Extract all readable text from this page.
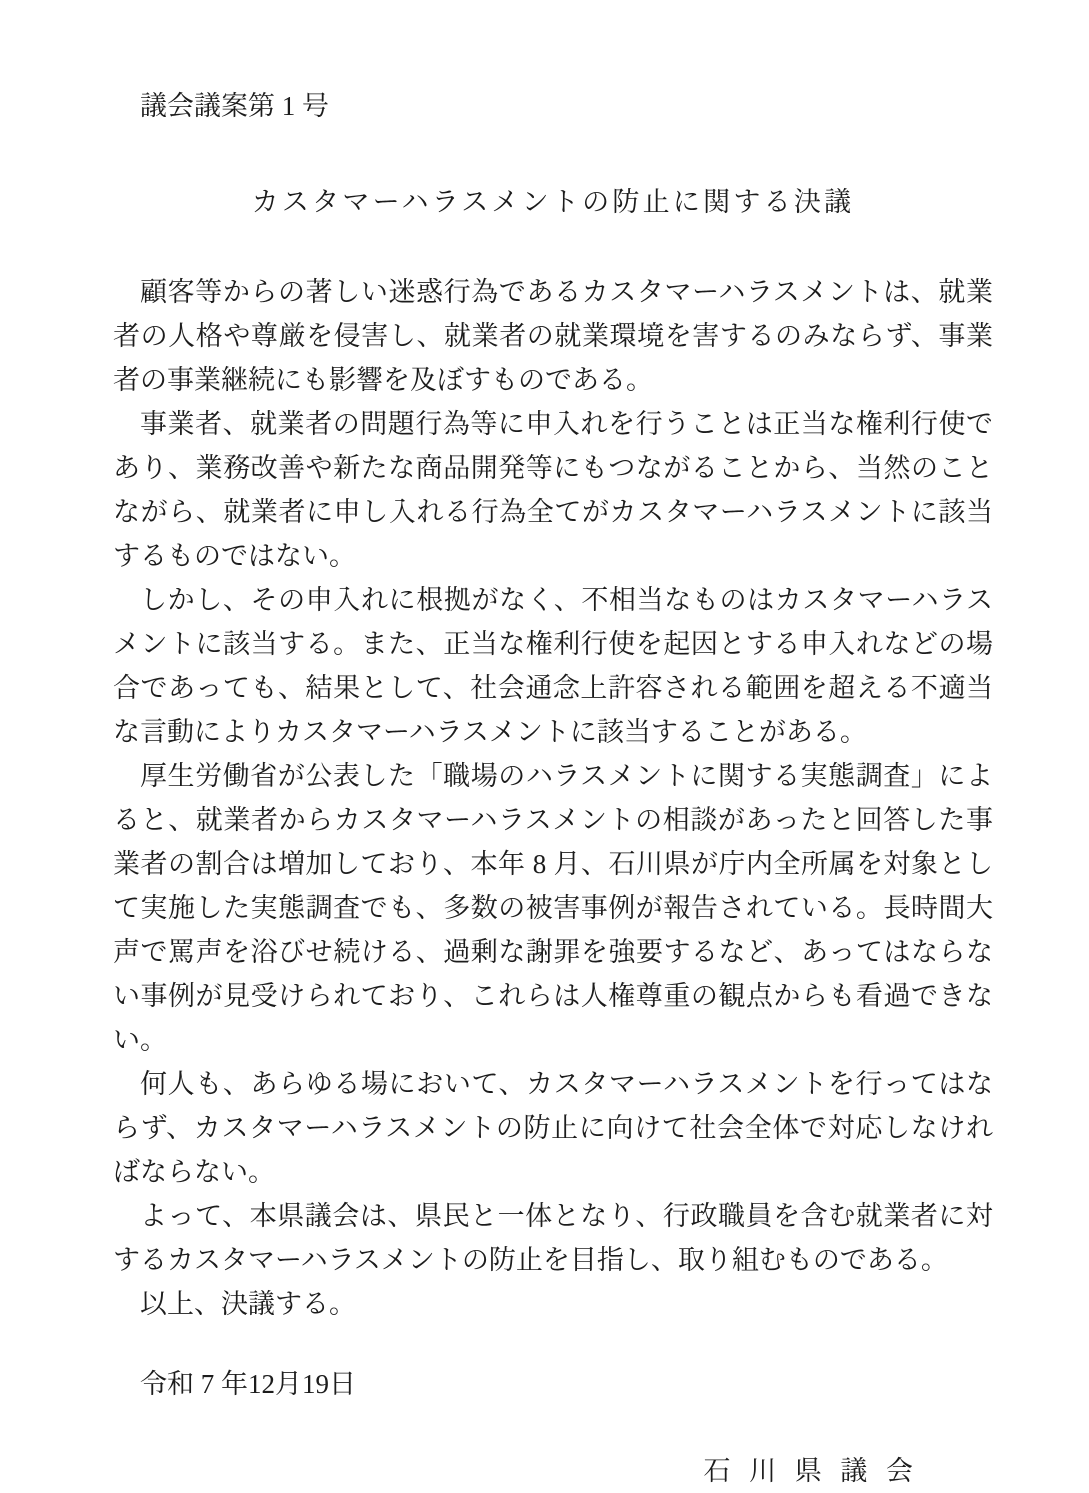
議会議案第 1 号

カスタマーハラスメントの防止に関する決議

顧客等からの著しい迷惑行為であるカスタマーハラスメントは、就業者の人格や尊厳を侵害し、就業者の就業環境を害するのみならず、事業者の事業継続にも影響を及ぼすものである。

事業者、就業者の問題行為等に申入れを行うことは正当な権利行使であり、業務改善や新たな商品開発等にもつながることから、当然のことながら、就業者に申し入れる行為全てがカスタマーハラスメントに該当するものではない。

しかし、その申入れに根拠がなく、不相当なものはカスタマーハラスメントに該当する。また、正当な権利行使を起因とする申入れなどの場合であっても、結果として、社会通念上許容される範囲を超える不適当な言動によりカスタマーハラスメントに該当することがある。

厚生労働省が公表した「職場のハラスメントに関する実態調査」によると、就業者からカスタマーハラスメントの相談があったと回答した事業者の割合は増加しており、本年 8 月、石川県が庁内全所属を対象として実施した実態調査でも、多数の被害事例が報告されている。長時間大声で罵声を浴びせ続ける、過剰な謝罪を強要するなど、あってはならない事例が見受けられており、これらは人権尊重の観点からも看過できない。

何人も、あらゆる場において、カスタマーハラスメントを行ってはならず、カスタマーハラスメントの防止に向けて社会全体で対応しなければならない。

よって、本県議会は、県民と一体となり、行政職員を含む就業者に対するカスタマーハラスメントの防止を目指し、取り組むものである。

以上、決議する。

令和 7 年12月19日

石 川 県 議 会
